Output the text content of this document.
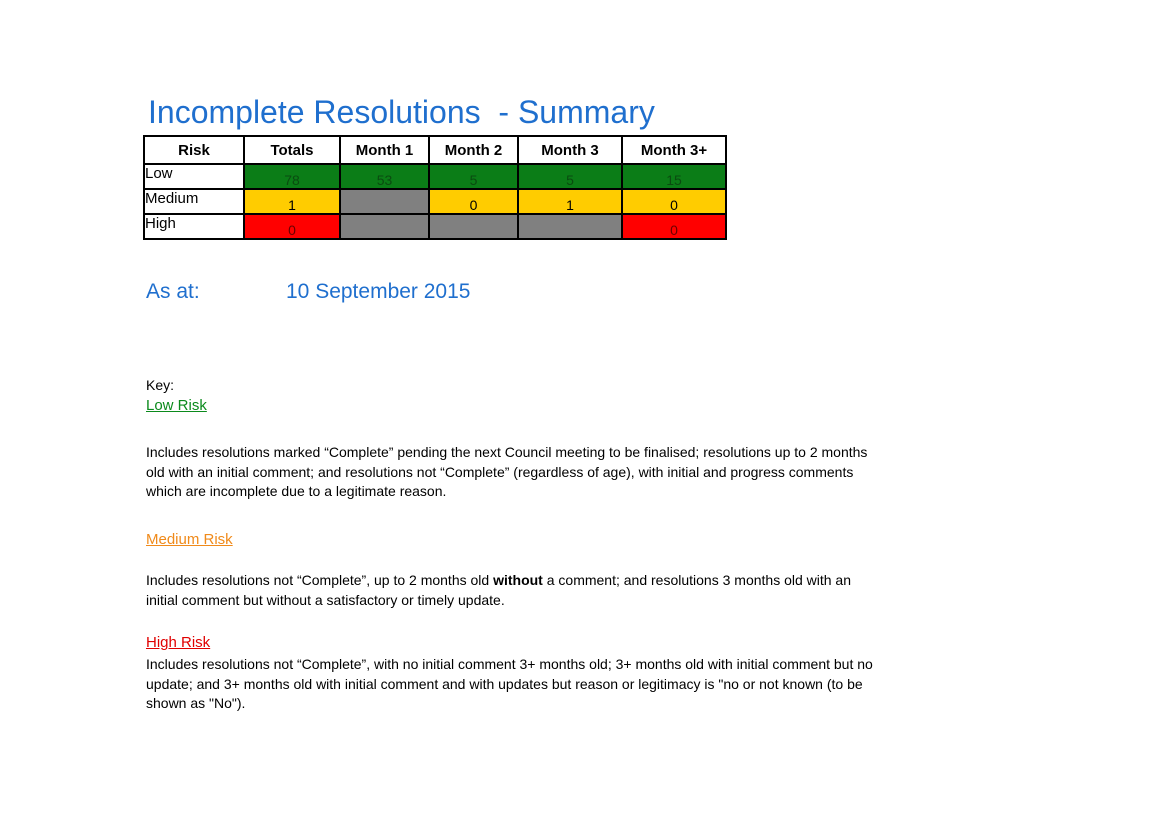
Incomplete Resolutions  - Summary
Risk	Totals	Month 1	Month 2	Month 3	Month 3+
Low	78	53	5	5	15
Medium	1		0	1	0
High	0				0
As at:	10 September 2015
Key:
Low Risk
Includes resolutions marked “Complete” pending the next Council meeting to be finalised; resolutions up to 2 months old with an initial comment; and resolutions not “Complete” (regardless of age), with initial and progress comments which are incomplete due to a legitimate reason.
Medium Risk
Includes resolutions not “Complete”, up to 2 months old without a comment; and resolutions 3 months old with an initial comment but without a satisfactory or timely update.
High Risk
Includes resolutions not “Complete”, with no initial comment 3+ months old; 3+ months old with initial comment but no update; and 3+ months old with initial comment and with updates but reason or legitimacy is "no or not known (to be shown as "No").
